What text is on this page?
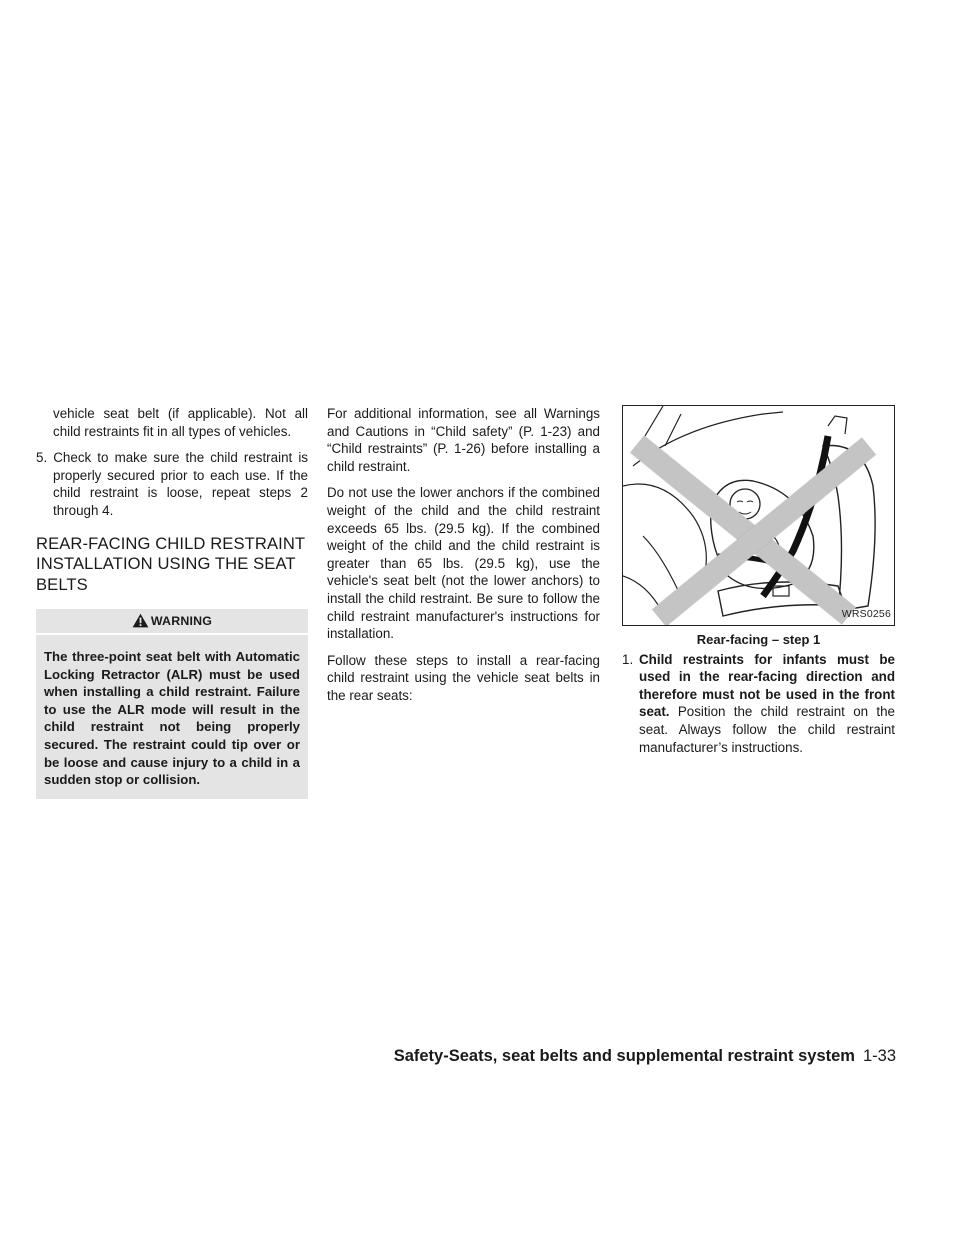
vehicle seat belt (if applicable). Not all child restraints fit in all types of vehicles.

5. Check to make sure the child restraint is properly secured prior to each use. If the child restraint is loose, repeat steps 2 through 4.

REAR-FACING CHILD RESTRAINT
INSTALLATION USING THE SEAT
BELTS
WARNING
The three-point seat belt with Automatic Locking Retractor (ALR) must be used when installing a child restraint. Failure to use the ALR mode will result in the child restraint not being properly secured. The restraint could tip over or be loose and cause injury to a child in a sudden stop or collision.

For additional information, see all Warnings and Cautions in “Child safety” (P. 1-23) and “Child restraints” (P. 1-26) before installing a child restraint.

Do not use the lower anchors if the combined weight of the child and the child restraint exceeds 65 lbs. (29.5 kg). If the combined weight of the child and the child restraint is greater than 65 lbs. (29.5 kg), use the vehicle's seat belt (not the lower anchors) to install the child restraint. Be sure to follow the child restraint manufacturer's instructions for installation.

Follow these steps to install a rear-facing child restraint using the vehicle seat belts in the rear seats:

WRS0256
Rear-facing – step 1
1. Child restraints for infants must be used in the rear-facing direction and therefore must not be used in the front seat. Position the child restraint on the seat. Always follow the child restraint manufacturer’s instructions.
Safety-Seats, seat belts and supplemental restraint system 1-33
